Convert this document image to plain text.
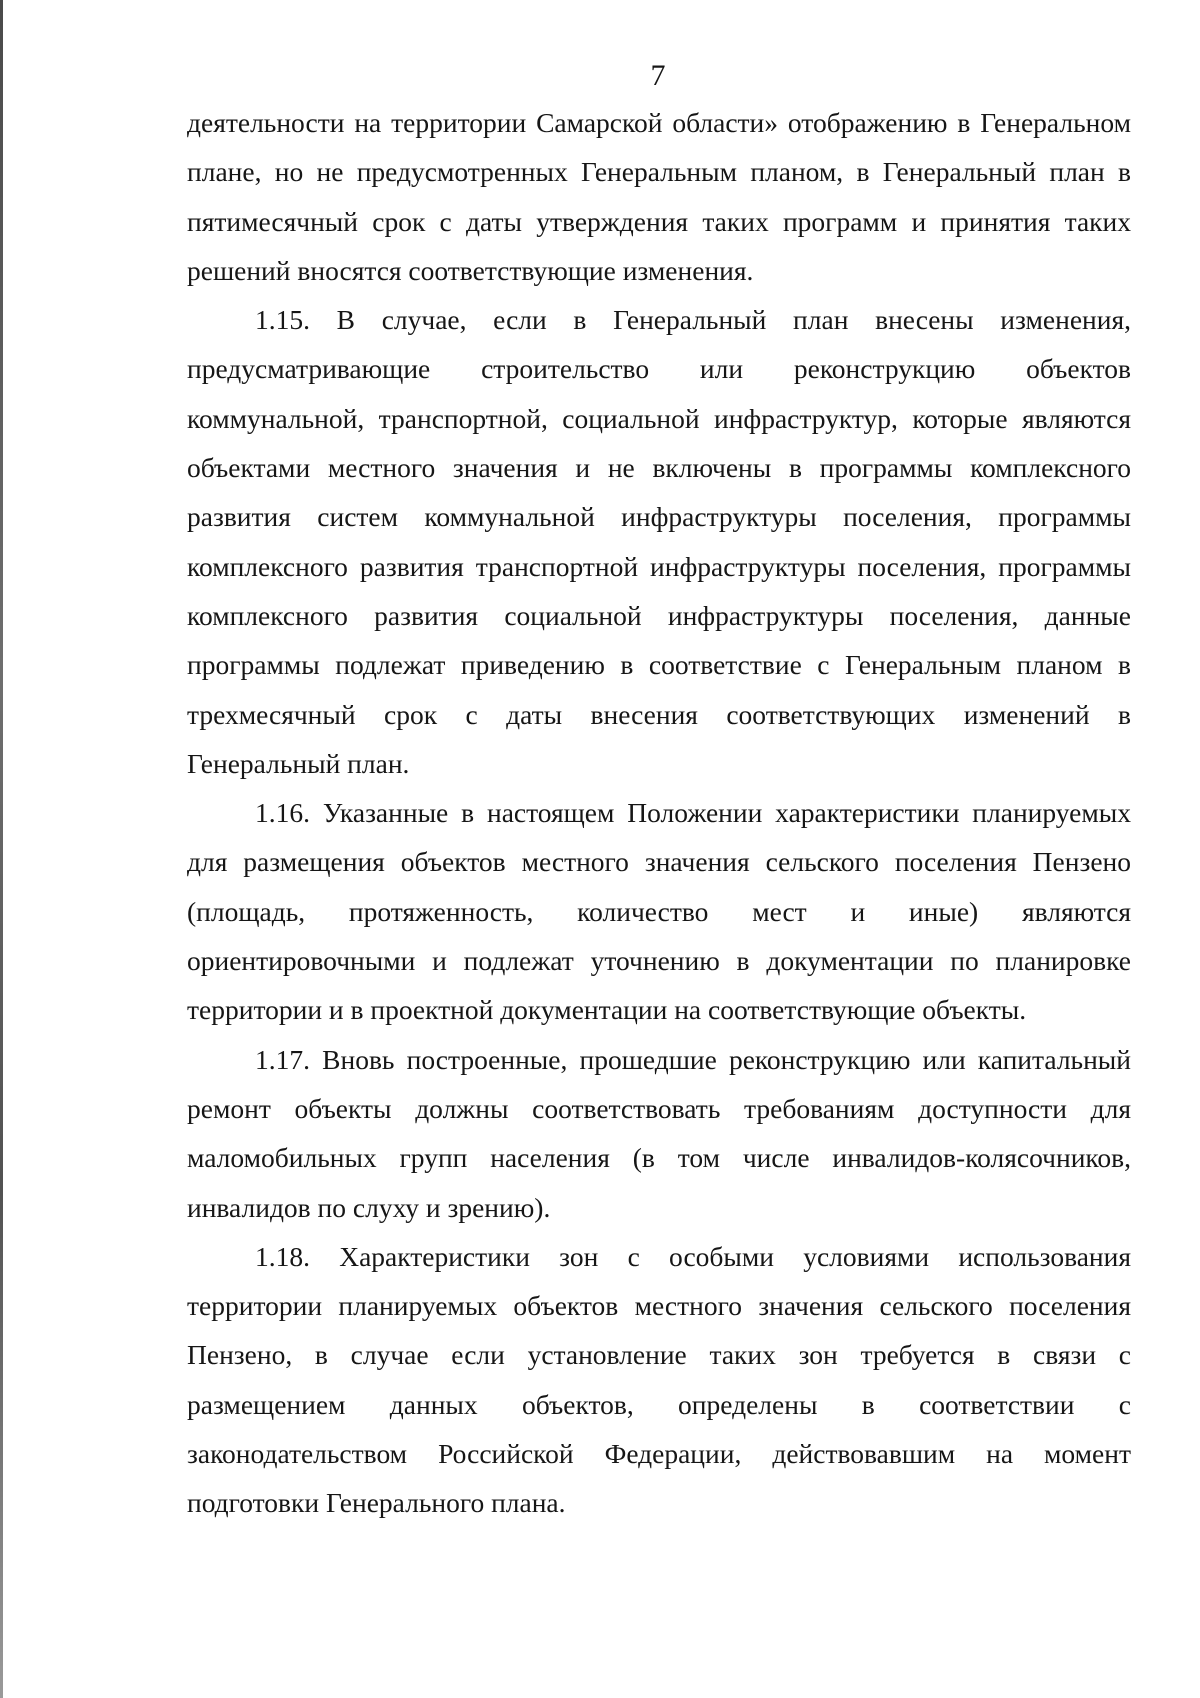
7

деятельности на территории Самарской области» отображению в Генеральном плане, но не предусмотренных Генеральным планом, в Генеральный план в пятимесячный срок с даты утверждения таких программ и принятия таких решений вносятся соответствующие изменения.

1.15. В случае, если в Генеральный план внесены изменения, предусматривающие строительство или реконструкцию объектов коммунальной, транспортной, социальной инфраструктур, которые являются объектами местного значения и не включены в программы комплексного развития систем коммунальной инфраструктуры поселения, программы комплексного развития транспортной инфраструктуры поселения, программы комплексного развития социальной инфраструктуры поселения, данные программы подлежат приведению в соответствие с Генеральным планом в трехмесячный срок с даты внесения соответствующих изменений в Генеральный план.

1.16. Указанные в настоящем Положении характеристики планируемых для размещения объектов местного значения сельского поселения Пензено (площадь, протяженность, количество мест и иные) являются ориентировочными и подлежат уточнению в документации по планировке территории и в проектной документации на соответствующие объекты.

1.17. Вновь построенные, прошедшие реконструкцию или капитальный ремонт объекты должны соответствовать требованиям доступности для маломобильных групп населения (в том числе инвалидов-колясочников, инвалидов по слуху и зрению).

1.18. Характеристики зон с особыми условиями использования территории планируемых объектов местного значения сельского поселения Пензено, в случае если установление таких зон требуется в связи с размещением данных объектов, определены в соответствии с законодательством Российской Федерации, действовавшим на момент подготовки Генерального плана.
